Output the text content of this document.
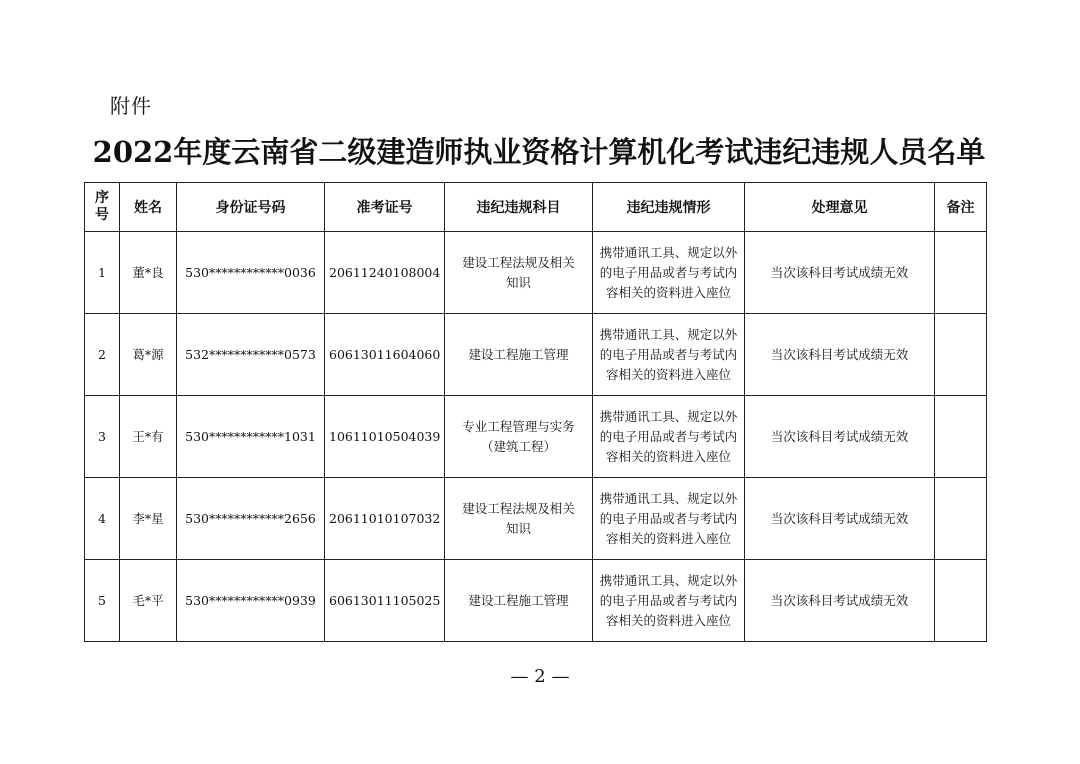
附件
2022年度云南省二级建造师执业资格计算机化考试违纪违规人员名单
序号	姓名	身份证号码	准考证号	违纪违规科目	违纪违规情形	处理意见	备注
1	董*良	530************0036	20611240108004	建设工程法规及相关知识	携带通讯工具、规定以外的电子用品或者与考试内容相关的资料进入座位	当次该科目考试成绩无效	
2	葛*源	532************0573	60613011604060	建设工程施工管理	携带通讯工具、规定以外的电子用品或者与考试内容相关的资料进入座位	当次该科目考试成绩无效	
3	王*有	530************1031	10611010504039	专业工程管理与实务（建筑工程）	携带通讯工具、规定以外的电子用品或者与考试内容相关的资料进入座位	当次该科目考试成绩无效	
4	李*星	530************2656	20611010107032	建设工程法规及相关知识	携带通讯工具、规定以外的电子用品或者与考试内容相关的资料进入座位	当次该科目考试成绩无效	
5	毛*平	530************0939	60613011105025	建设工程施工管理	携带通讯工具、规定以外的电子用品或者与考试内容相关的资料进入座位	当次该科目考试成绩无效	
— 2 —
